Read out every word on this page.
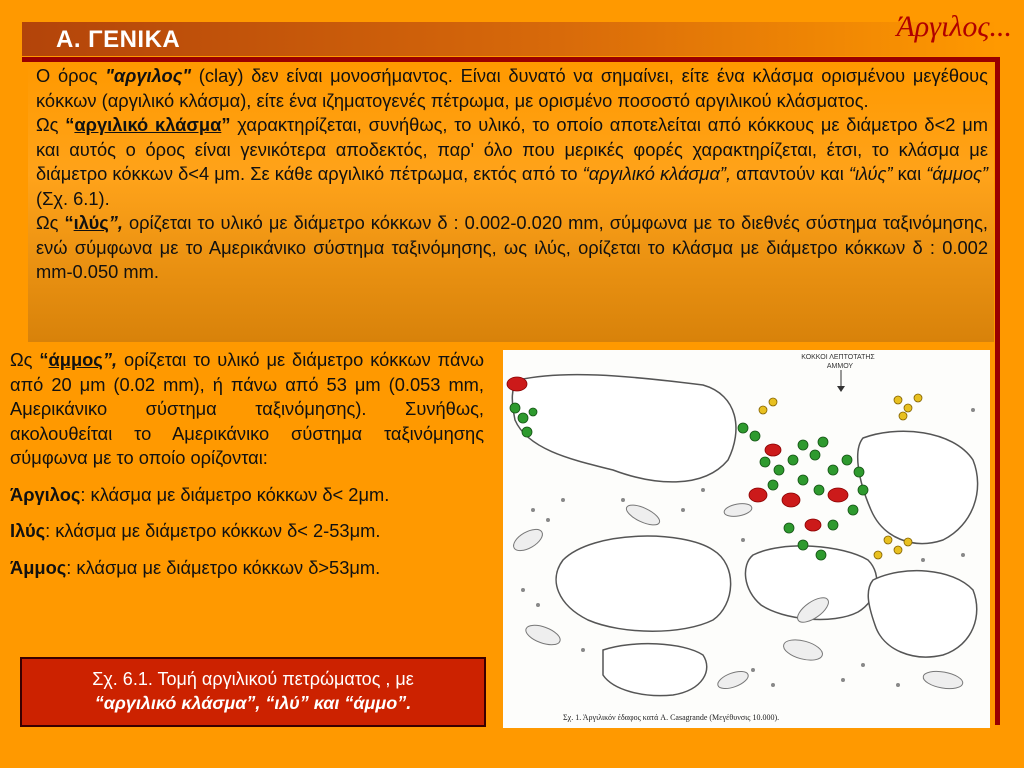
Α. ΓΕΝΙΚΑ	Άργιλος...

Ο όρος "αργιλος" (clay) δεν είναι μονοσήμαντος. Είναι δυνατό να σημαίνει, είτε ένα κλάσμα ορισμένου μεγέθους κόκκων (αργιλικό κλάσμα), είτε ένα ιζηματογενές πέτρωμα, με ορισμένο ποσοστό αργιλικού κλάσματος.

Ως “αργιλικό κλάσμα” χαρακτηρίζεται, συνήθως, το υλικό, το οποίο αποτελείται από κόκκους με διάμετρο δ<2 μm και αυτός ο όρος είναι γενικότερα αποδεκτός, παρ' όλο που μερικές φορές χαρακτηρίζεται, έτσι, το κλάσμα με διάμετρο κόκκων δ<4 μm. Σε κάθε αργιλικό πέτρωμα, εκτός από το “αργιλικό κλάσμα”, απαντούν και “ιλύς” και “άμμος” (Σχ. 6.1).

Ως “ιλύς”, ορίζεται το υλικό με διάμετρο κόκκων δ : 0.002-0.020 mm, σύμφωνα με το διεθνές σύστημα ταξινόμησης, ενώ σύμφωνα με το Αμερικάνικο σύστημα ταξινόμησης, ως ιλύς, ορίζεται το κλάσμα με διάμετρο κόκκων δ : 0.002 mm-0.050 mm.

Ως “άμμος”, ορίζεται το υλικό με διάμετρο κόκκων πάνω από 20 μm (0.02 mm), ή πάνω από 53 μm (0.053 mm, Αμερικάνικο σύστημα ταξινόμησης). Συνήθως, ακολουθείται το Αμερικάνικο σύστημα ταξινόμησης σύμφωνα με το οποίο ορίζονται:

Άργιλος: κλάσμα με διάμετρο κόκκων δ< 2μm.

Ιλύς: κλάσμα με διάμετρο κόκκων δ< 2-53μm.

Άμμος: κλάσμα με διάμετρο κόκκων δ>53μm.

Σχ. 6.1. Τομή αργιλικού πετρώματος , με
“αργιλικό κλάσμα”, “ιλύ” και “άμμο”.
ΚΟΚΚΟΙ ΛΕΠΤΟΤΑΤΗΣ
ΑΜΜΟΥ
Σχ. 1. Άργιλικόν έδαφος κατά A. Casagrande (Μεγέθυνσις 10.000).
